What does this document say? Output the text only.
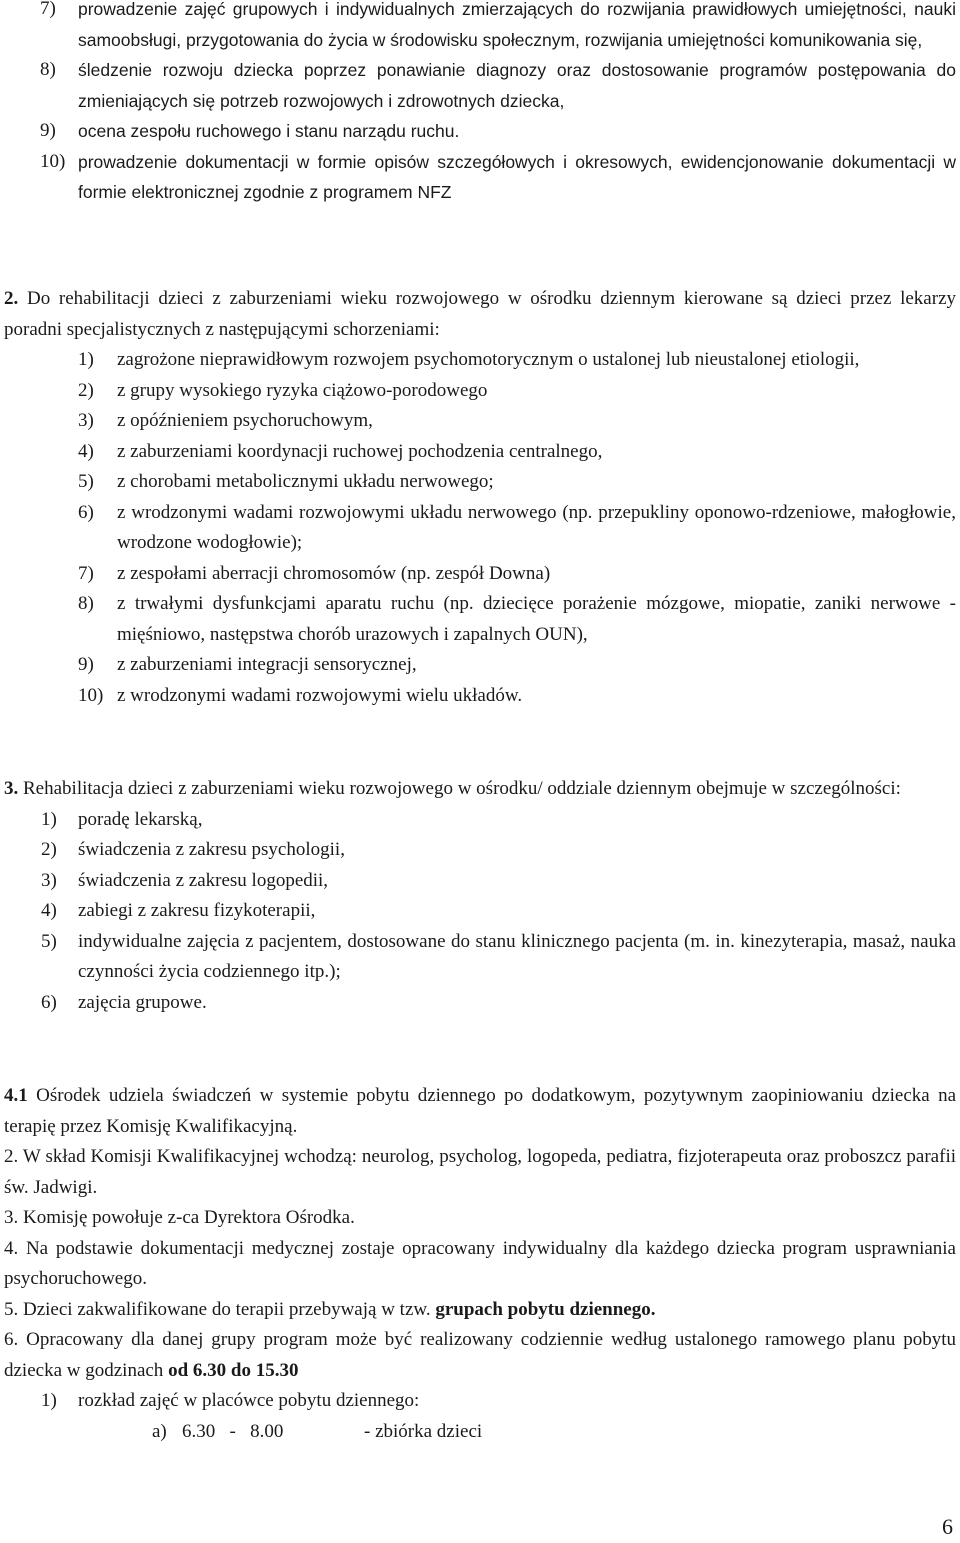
7)	prowadzenie zajęć grupowych i indywidualnych zmierzających do rozwijania prawidłowych umiejętności, nauki samoobsługi, przygotowania do życia w środowisku społecznym, rozwijania umiejętności komunikowania się,
8)	śledzenie rozwoju dziecka poprzez ponawianie diagnozy oraz dostosowanie programów postępowania do zmieniających się potrzeb rozwojowych i zdrowotnych dziecka,
9)	ocena zespołu ruchowego i stanu narządu ruchu.
10) prowadzenie dokumentacji w formie opisów szczegółowych i okresowych, ewidencjonowanie dokumentacji w formie elektronicznej zgodnie z programem NFZ
2. Do rehabilitacji dzieci z zaburzeniami wieku rozwojowego w ośrodku dziennym kierowane są dzieci przez lekarzy poradni specjalistycznych z następującymi schorzeniami:
1)	zagrożone nieprawidłowym rozwojem psychomotorycznym o ustalonej lub nieustalonej etiologii,
2)	z grupy wysokiego ryzyka ciążowo-porodowego
3)	z opóźnieniem psychoruchowym,
4)	z zaburzeniami koordynacji ruchowej pochodzenia centralnego,
5)	z chorobami metabolicznymi układu nerwowego;
6)	z wrodzonymi wadami rozwojowymi układu nerwowego (np. przepukliny oponowo-rdzeniowe, małogłowie, wrodzone wodogłowie);
7)	z zespołami aberracji chromosomów (np. zespół Downa)
8)	z trwałymi dysfunkcjami aparatu ruchu (np. dziecięce porażenie mózgowe, miopatie, zaniki nerwowe - mięśniowo, następstwa chorób urazowych i zapalnych OUN),
9)	z zaburzeniami integracji sensorycznej,
10) z wrodzonymi wadami rozwojowymi wielu układów.
3. Rehabilitacja dzieci z zaburzeniami wieku rozwojowego w ośrodku/ oddziale dziennym obejmuje w szczególności:
1)	poradę lekarską,
2)	świadczenia z zakresu psychologii,
3)	świadczenia z zakresu logopedii,
4)	zabiegi z zakresu fizykoterapii,
5)	indywidualne zajęcia z pacjentem, dostosowane do stanu klinicznego pacjenta (m. in. kinezyterapia, masaż, nauka czynności życia codziennego itp.);
6)	zajęcia grupowe.
4.1 Ośrodek udziela świadczeń w systemie pobytu dziennego po dodatkowym, pozytywnym zaopiniowaniu dziecka na terapię przez Komisję Kwalifikacyjną.
2. W skład Komisji Kwalifikacyjnej wchodzą: neurolog, psycholog, logopeda, pediatra, fizjoterapeuta oraz proboszcz parafii św. Jadwigi.
3. Komisję powołuje z-ca Dyrektora Ośrodka.
4. Na podstawie dokumentacji medycznej zostaje opracowany indywidualny dla każdego dziecka program usprawniania psychoruchowego.
5. Dzieci zakwalifikowane do terapii przebywają w tzw. grupach pobytu dziennego.
6. Opracowany dla danej grupy program może być realizowany codziennie według ustalonego ramowego planu pobytu dziecka w godzinach od 6.30 do 15.30
1)	rozkład zajęć w placówce pobytu dziennego:
a) 6.30   -   8.00	- zbiórka dzieci
6
